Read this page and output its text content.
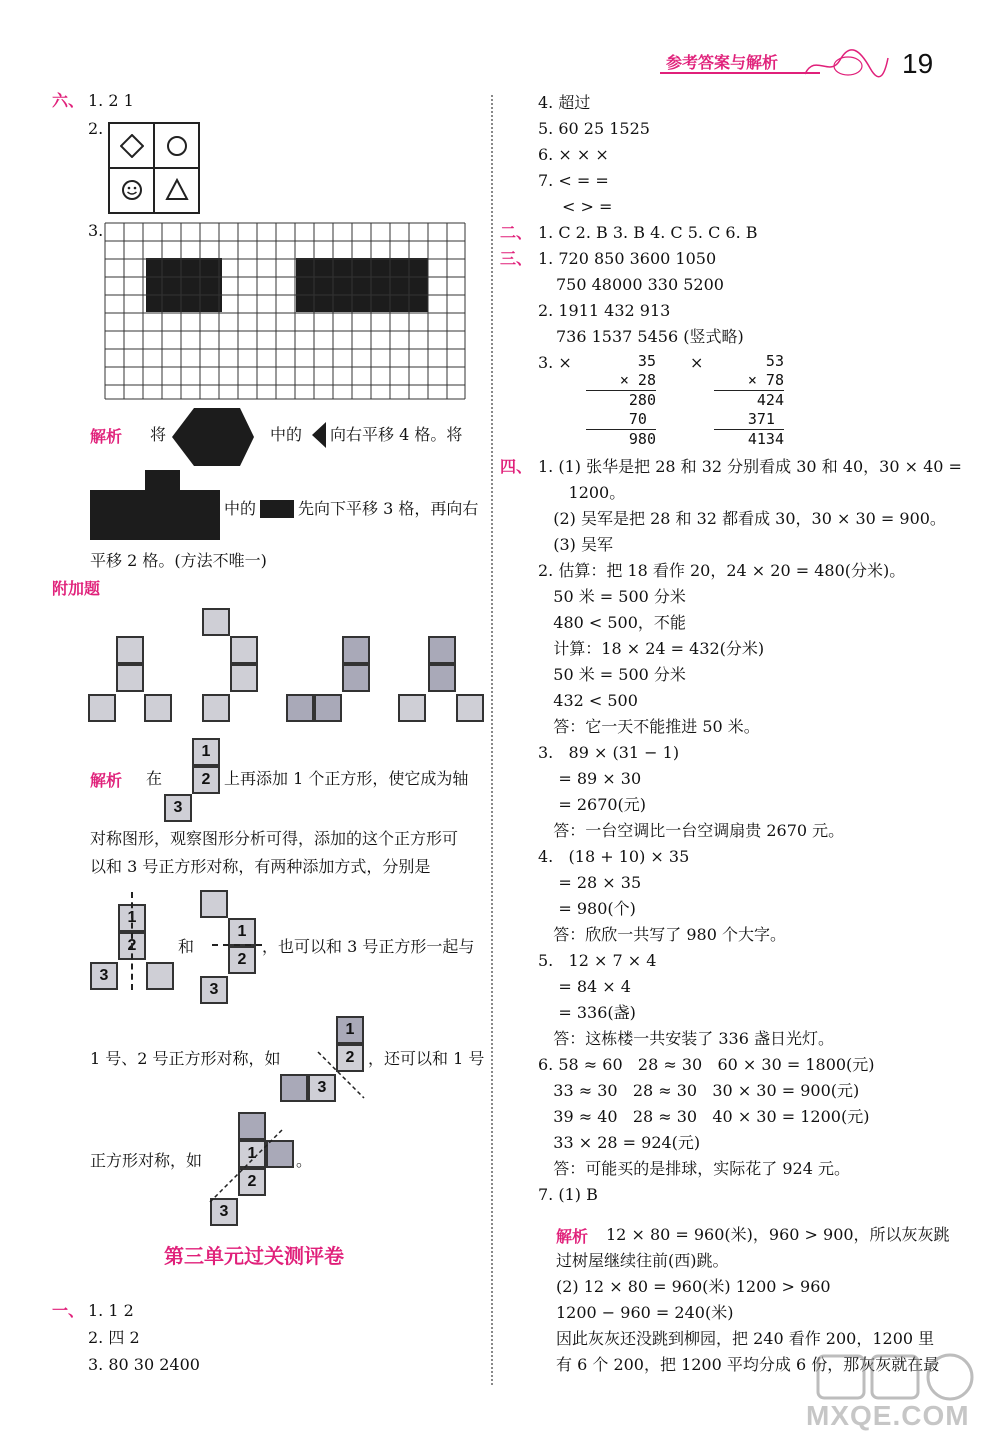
参考答案与解析	19
六、 1. 2 1
2.
3.
解析 将	中的 向右平移 4 格。将
中的	先向下平移 3 格，再向右
平移 2 格。(方法不唯一)
附加题
解析 在
1
2
3
上再添加 1 个正方形，使它成为轴
对称图形，观察图形分析可得，添加的这个正方形可
以和 3 号正方形对称，有两种添加方式，分别是
1
2
3
和
1
2
3
，也可以和 3 号正方形一起与
1 号、2 号正方形对称，如
1
2
3
，还可以和 1 号
正方形对称，如	1
2
3
。
第三单元过关测评卷
一、 1. 1 2
2. 四 2
3. 80 30 2400
4. 超过
5. 60 25 1525
6. × × ×
7. < = =
< > =
二、 1. C 2. B 3. B 4. C 5. C 6. B
三、 1. 720 850 3600 1050
750 48000 330 5200
2. 1911 432 913
736 1537 5456 (竖式略)
3. ×	35
× 28
280
70
980
×	53
× 78
424
371
4134
四、 1. (1) 张华是把 28 和 32 分别看成 30 和 40，30 × 40 =
1200。
(2) 吴军是把 28 和 32 都看成 30，30 × 30 = 900。
(3) 吴军
2. 估算：把 18 看作 20，24 × 20 = 480(分米)。
50 米 = 500 分米
480 < 500，不能
计算：18 × 24 = 432(分米)
50 米 = 500 分米
432 < 500
答：它一天不能推进 50 米。
3.   89 × (31 − 1)
= 89 × 30
= 2670(元)
答：一台空调比一台空调扇贵 2670 元。
4.   (18 + 10) × 35
= 28 × 35
= 980(个)
答：欣欣一共写了 980 个大字。
5.   12 × 7 × 4
= 84 × 4
= 336(盏)
答：这栋楼一共安装了 336 盏日光灯。
6. 58 ≈ 60   28 ≈ 30   60 × 30 = 1800(元)
33 ≈ 30   28 ≈ 30   30 × 30 = 900(元)
39 ≈ 40   28 ≈ 30   40 × 30 = 1200(元)
33 × 28 = 924(元)
答：可能买的是排球，实际花了 924 元。
7. (1) B
解析 12 × 80 = 960(米)，960 > 900，所以灰灰跳
过树屋继续往前(西)跳。
(2) 12 × 80 = 960(米) 1200 > 960
1200 − 960 = 240(米)
因此灰灰还没跳到柳园，把 240 看作 200，1200 里
有 6 个 200，把 1200 平均分成 6 份，那灰灰就在最
MXQE.COM
